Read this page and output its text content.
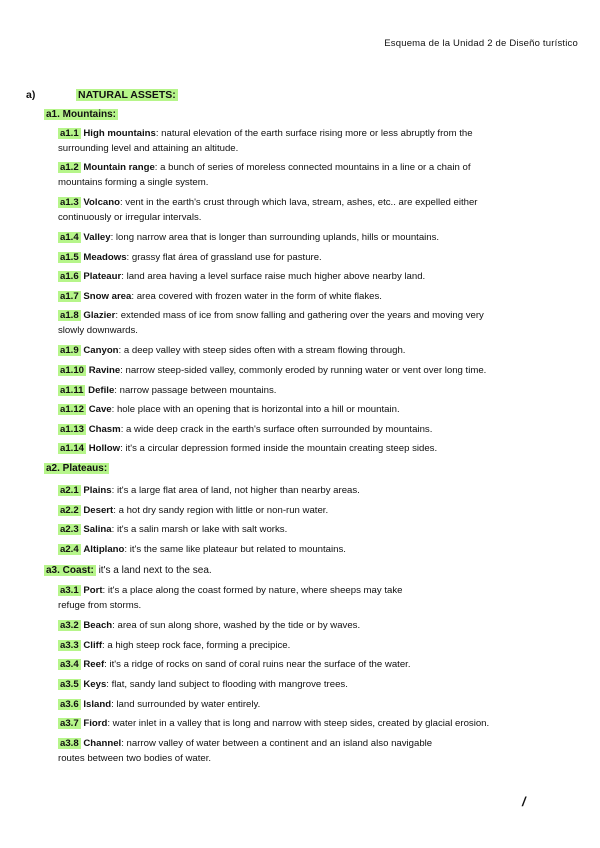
Esquema de la Unidad 2 de Diseño turístico
a)	NATURAL ASSETS:
a1. Mountains:
a1.1 High mountains: natural elevation of the earth surface rising more or less abruptly from the
surrounding level and attaining an altitude.
a1.2 Mountain range: a bunch of series of moreless connected mountains in a line or a chain of
mountains forming a single system.
a1.3 Volcano: vent in the earth's crust through which lava, stream, ashes, etc.. are expelled either
continuously or irregular intervals.
a1.4 Valley: long narrow area that is longer than surrounding uplands, hills or mountains.
a1.5 Meadows: grassy flat área of grassland use for pasture.
a1.6 Plateaur: land area having a level surface raise much higher above nearby land.
a1.7 Snow area: area covered with frozen water in the form of white flakes.
a1.8 Glazier: extended mass of ice from snow falling and gathering over the years and moving very
slowly downwards.
a1.9 Canyon: a deep valley with steep sides often with a stream flowing through.
a1.10 Ravine: narrow steep-sided valley, commonly eroded by running water or vent over long time.
a1.11 Defile: narrow passage between mountains.
a1.12 Cave: hole place with an opening that is horizontal into a hill or mountain.
a1.13 Chasm: a wide deep crack in the earth's surface often surrounded by mountains.
a1.14 Hollow: it's a circular depression formed inside the mountain creating steep sides.
a2. Plateaus:
a2.1 Plains: it's a large flat area of land, not higher than nearby areas.
a2.2 Desert: a hot dry sandy region with little or non-run water.
a2.3 Salina: it's a salin marsh or lake with salt works.
a2.4 Altiplano: it's the same like plateaur but related to mountains.
a3. Coast: it's a land next to the sea.
a3.1 Port: it's a place along the coast formed by nature, where sheeps may take
refuge from storms.
a3.2 Beach: area of sun along shore, washed by the tide or by waves.
a3.3 Cliff: a high steep rock face, forming a precipice.
a3.4 Reef: it's a ridge of rocks on sand of coral ruins near the surface of the water.
a3.5 Keys: flat, sandy land subject to flooding with mangrove trees.
a3.6 Island: land surrounded by water entirely.
a3.7 Fiord: water inlet in a valley that is long and narrow with steep sides, created by glacial erosion.
a3.8 Channel: narrow valley of water between a continent and an island also navigable
routes between two bodies of water.
/
